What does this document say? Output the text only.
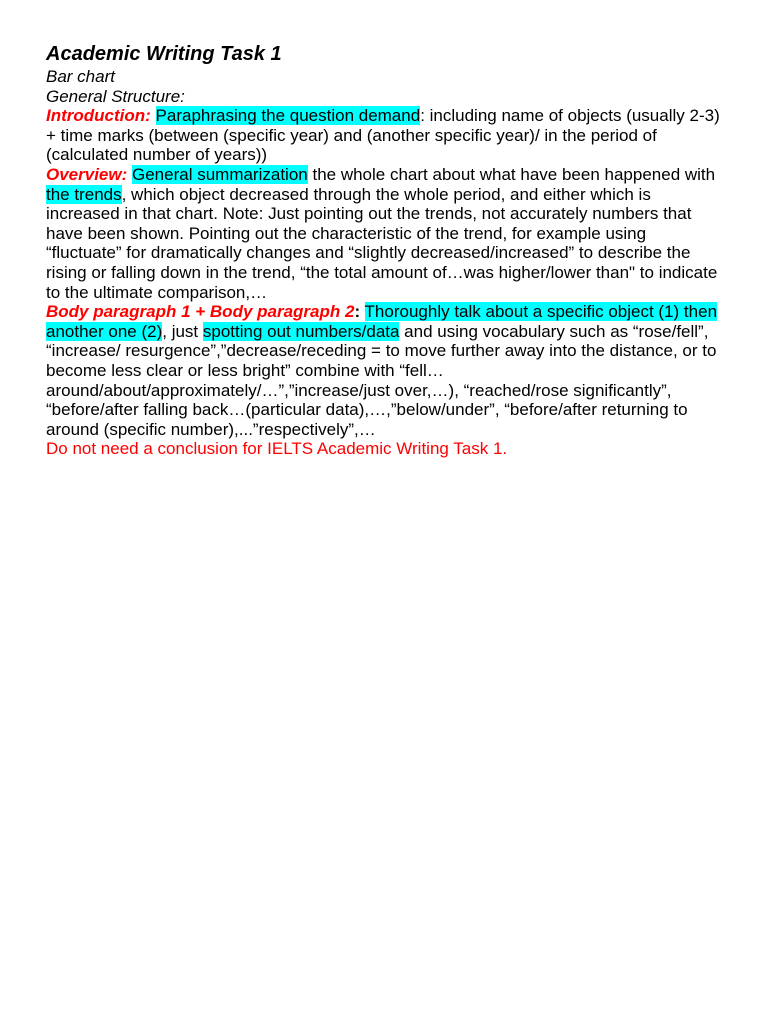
Academic Writing Task 1
Bar chart
General Structure:

Introduction: Paraphrasing the question demand: including name of objects (usually 2-3) + time marks (between (specific year) and (another specific year)/ in the period of (calculated number of years))

Overview: General summarization the whole chart about what have been happened with the trends, which object decreased through the whole period, and either which is increased in that chart. Note: Just pointing out the trends, not accurately numbers that have been shown. Pointing out the characteristic of the trend, for example using “fluctuate” for dramatically changes and “slightly decreased/increased” to describe the rising or falling down in the trend, “the total amount of…was higher/lower than" to indicate to the ultimate comparison,…

Body paragraph 1 + Body paragraph 2: Thoroughly talk about a specific object (1) then another one (2), just spotting out numbers/data and using vocabulary such as “rose/fell”, “increase/ resurgence”,”decrease/receding = to move further away into the distance, or to become less clear or less bright” combine with “fell…around/about/approximately/…”,”increase/just over,…), “reached/rose significantly”, “before/after falling back…(particular data),…,”below/under”, “before/after returning to around (specific number),...”respectively”,…

Do not need a conclusion for IELTS Academic Writing Task 1.
